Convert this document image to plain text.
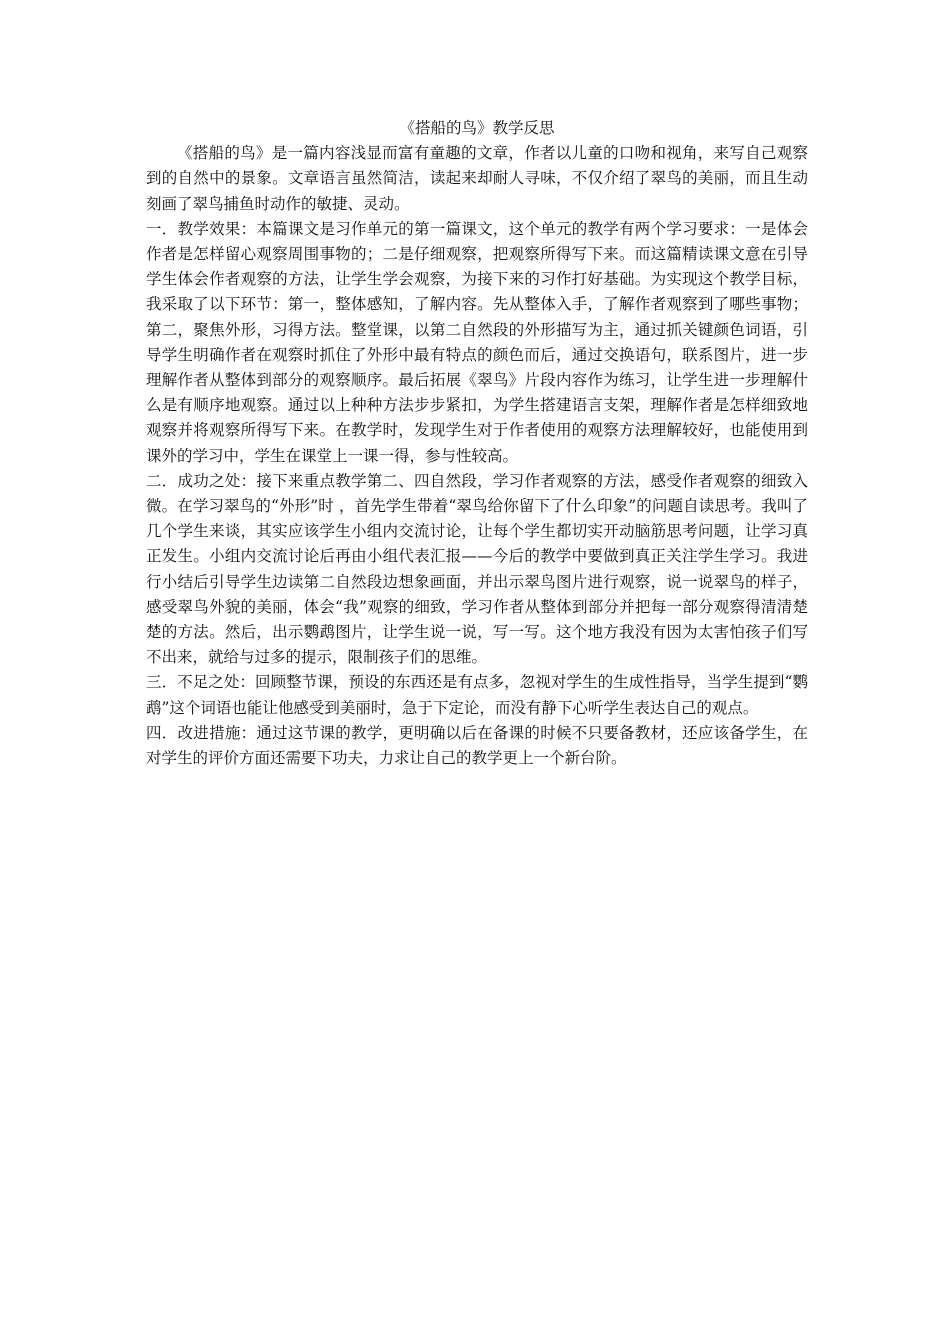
《搭船的鸟》教学反思

《搭船的鸟》是一篇内容浅显而富有童趣的文章，作者以儿童的口吻和视角，来写自己观察到的自然中的景象。文章语言虽然简洁，读起来却耐人寻味，不仅介绍了翠鸟的美丽，而且生动刻画了翠鸟捕鱼时动作的敏捷、灵动。

一．教学效果：本篇课文是习作单元的第一篇课文，这个单元的教学有两个学习要求：一是体会作者是怎样留心观察周围事物的；二是仔细观察，把观察所得写下来。而这篇精读课文意在引导学生体会作者观察的方法，让学生学会观察，为接下来的习作打好基础。为实现这个教学目标，我采取了以下环节：第一，整体感知，了解内容。先从整体入手，了解作者观察到了哪些事物；第二，聚焦外形，习得方法。整堂课，以第二自然段的外形描写为主，通过抓关键颜色词语，引导学生明确作者在观察时抓住了外形中最有特点的颜色而后，通过交换语句，联系图片，进一步理解作者从整体到部分的观察顺序。最后拓展《翠鸟》片段内容作为练习，让学生进一步理解什么是有顺序地观察。通过以上种种方法步步紧扣，为学生搭建语言支架，理解作者是怎样细致地观察并将观察所得写下来。在教学时，发现学生对于作者使用的观察方法理解较好，也能使用到课外的学习中，学生在课堂上一课一得，参与性较高。

二．成功之处：接下来重点教学第二、四自然段，学习作者观察的方法，感受作者观察的细致入微。在学习翠鸟的“外形”时 ，首先学生带着“翠鸟给你留下了什么印象”的问题自读思考。我叫了几个学生来谈，其实应该学生小组内交流讨论，让每个学生都切实开动脑筋思考问题，让学习真正发生。小组内交流讨论后再由小组代表汇报——今后的教学中要做到真正关注学生学习。我进行小结后引导学生边读第二自然段边想象画面，并出示翠鸟图片进行观察，说一说翠鸟的样子，感受翠鸟外貌的美丽，体会“我”观察的细致，学习作者从整体到部分并把每一部分观察得清清楚楚的方法。然后，出示鹦鹉图片，让学生说一说，写一写。这个地方我没有因为太害怕孩子们写不出来，就给与过多的提示，限制孩子们的思维。

三．不足之处：回顾整节课，预设的东西还是有点多，忽视对学生的生成性指导，当学生提到“鹦鹉”这个词语也能让他感受到美丽时，急于下定论，而没有静下心听学生表达自己的观点。

四．改进措施：通过这节课的教学，更明确以后在备课的时候不只要备教材，还应该备学生，在对学生的评价方面还需要下功夫，力求让自己的教学更上一个新台阶。
